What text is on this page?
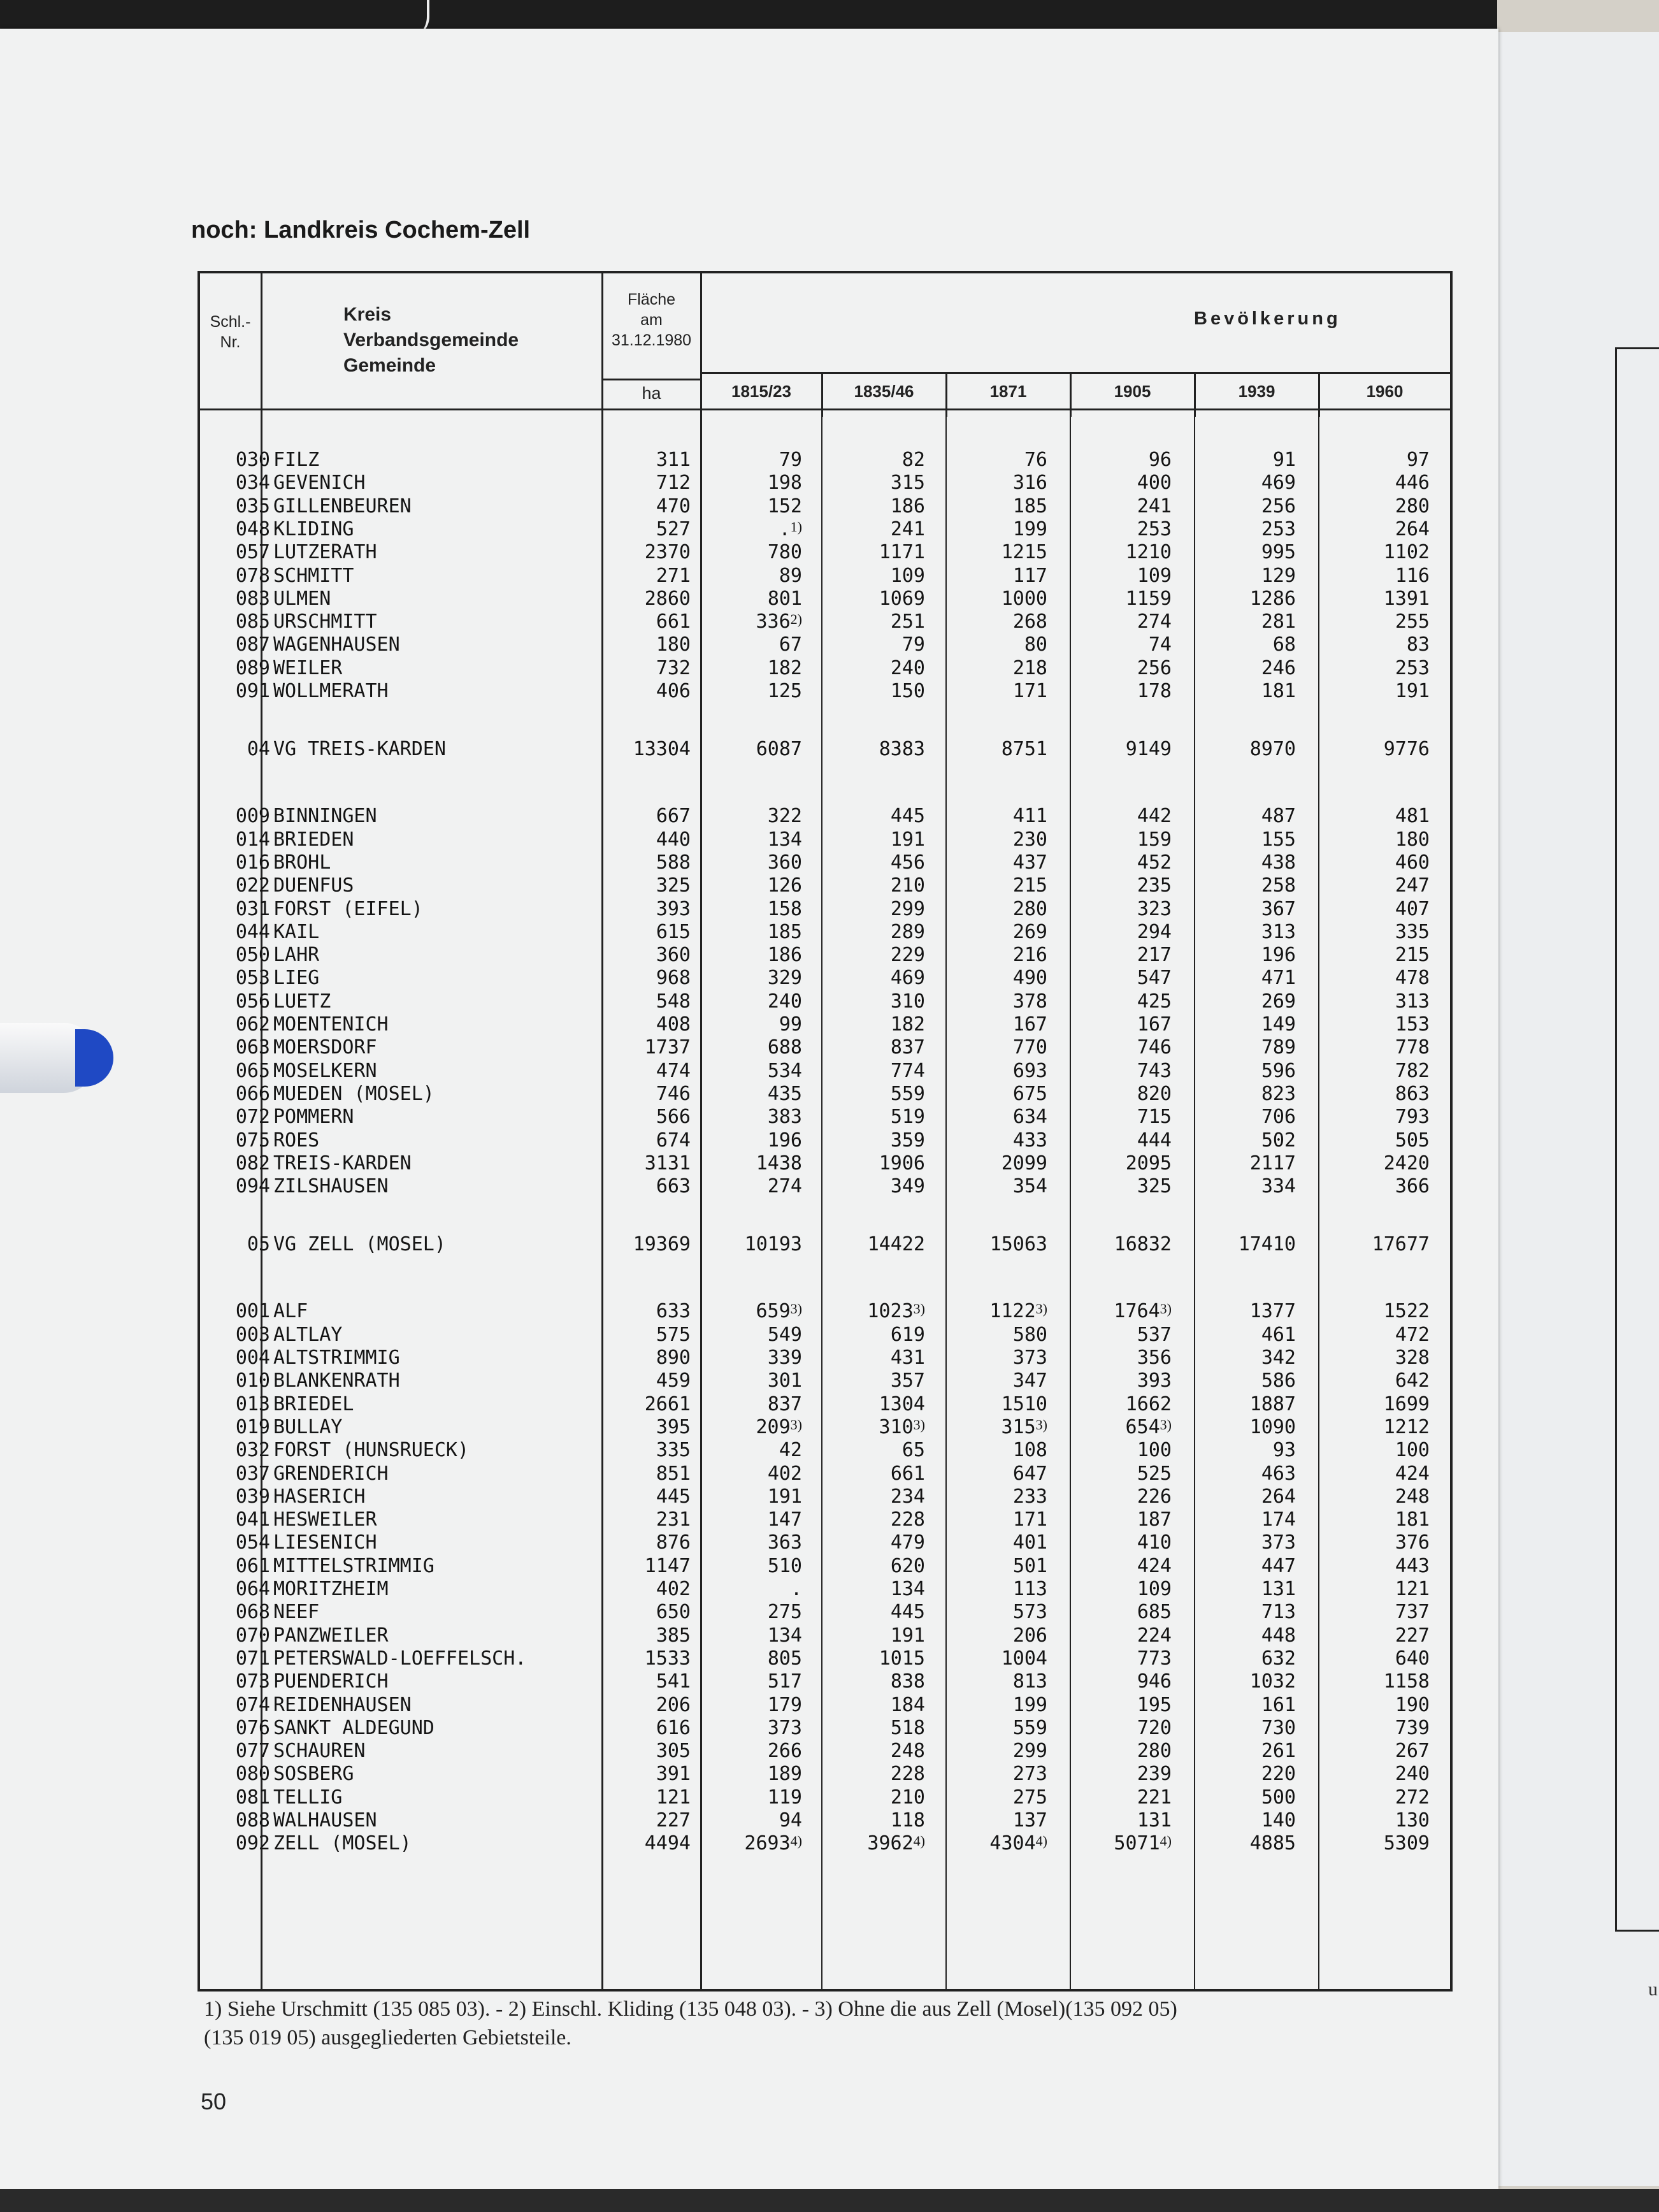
u
noch: Landkreis Cochem-Zell
Schl.-
Nr.
Kreis
Verbandsgemeinde
Gemeinde
Fläche
am
31.12.1980
ha
Bevölkerung
1815/23	1835/46	1871	1905	1939	1960
030 FILZ	311	79	82	76	96	91	97
034 GEVENICH	712	198	315	316	400	469	446
035 GILLENBEUREN	470	152	186	185	241	256	280
048 KLIDING	527	.$^{1)}$	241	199	253	253	264
057 LUTZERATH	2370	780	1171	1215	1210	995	1102
078 SCHMITT	271	89	109	117	109	129	116
083 ULMEN	2860	801	1069	1000	1159	1286	1391
085 URSCHMITT	661	336$^{2)}$	251	268	274	281	255
087 WAGENHAUSEN	180	67	79	80	74	68	83
089 WEILER	732	182	240	218	256	246	253
091 WOLLMERATH	406	125	150	171	178	181	191
04 VG TREIS-KARDEN	13304	6087	8383	8751	9149	8970	9776
009 BINNINGEN	667	322	445	411	442	487	481
014 BRIEDEN	440	134	191	230	159	155	180
016 BROHL	588	360	456	437	452	438	460
022 DUENFUS	325	126	210	215	235	258	247
031 FORST (EIFEL)	393	158	299	280	323	367	407
044 KAIL	615	185	289	269	294	313	335
050 LAHR	360	186	229	216	217	196	215
053 LIEG	968	329	469	490	547	471	478
056 LUETZ	548	240	310	378	425	269	313
062 MOENTENICH	408	99	182	167	167	149	153
063 MOERSDORF	1737	688	837	770	746	789	778
065 MOSELKERN	474	534	774	693	743	596	782
066 MUEDEN (MOSEL)	746	435	559	675	820	823	863
072 POMMERN	566	383	519	634	715	706	793
075 ROES	674	196	359	433	444	502	505
082 TREIS-KARDEN	3131	1438	1906	2099	2095	2117	2420
094 ZILSHAUSEN	663	274	349	354	325	334	366
05 VG ZELL (MOSEL)	19369	10193	14422	15063	16832	17410	17677
001 ALF	633	659$^{3)}$	1023$^{3)}$	1122$^{3)}$	1764$^{3)}$	1377	1522
003 ALTLAY	575	549	619	580	537	461	472
004 ALTSTRIMMIG	890	339	431	373	356	342	328
010 BLANKENRATH	459	301	357	347	393	586	642
013 BRIEDEL	2661	837	1304	1510	1662	1887	1699
019 BULLAY	395	209$^{3)}$	310$^{3)}$	315$^{3)}$	654$^{3)}$	1090	1212
032 FORST (HUNSRUECK)	335	42	65	108	100	93	100
037 GRENDERICH	851	402	661	647	525	463	424
039 HASERICH	445	191	234	233	226	264	248
041 HESWEILER	231	147	228	171	187	174	181
054 LIESENICH	876	363	479	401	410	373	376
061 MITTELSTRIMMIG	1147	510	620	501	424	447	443
064 MORITZHEIM	402	.	134	113	109	131	121
068 NEEF	650	275	445	573	685	713	737
070 PANZWEILER	385	134	191	206	224	448	227
071 PETERSWALD-LOEFFELSCH.	1533	805	1015	1004	773	632	640
073 PUENDERICH	541	517	838	813	946	1032	1158
074 REIDENHAUSEN	206	179	184	199	195	161	190
076 SANKT ALDEGUND	616	373	518	559	720	730	739
077 SCHAUREN	305	266	248	299	280	261	267
080 SOSBERG	391	189	228	273	239	220	240
081 TELLIG	121	119	210	275	221	500	272
088 WALHAUSEN	227	94	118	137	131	140	130
092 ZELL (MOSEL)	4494	2693$^{4)}$	3962$^{4)}$	4304$^{4)}$	5071$^{4)}$	4885	5309
1) Siehe Urschmitt (135 085 03). - 2) Einschl. Kliding (135 048 03). - 3) Ohne die aus Zell (Mosel)(135 092 05)
(135 019 05) ausgegliederten Gebietsteile.
50
